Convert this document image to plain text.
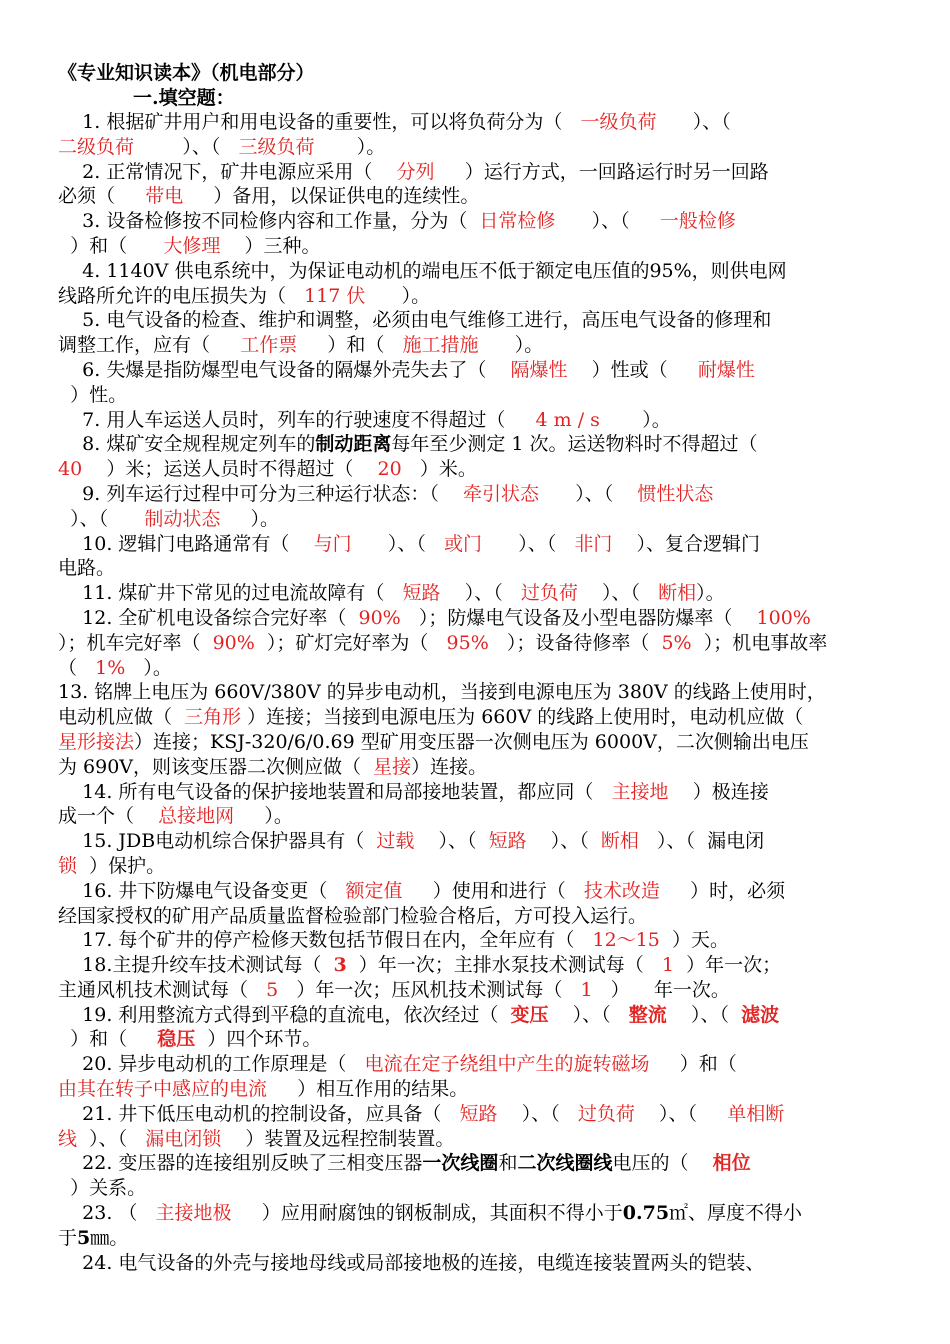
《专业知识读本》（机电部分）
一.填空题：
1. 根据矿井用户和用电设备的重要性，可以将负荷分为（   一级负荷      ）、（
二级负荷        ）、（   三级负荷       ）。
2. 正常情况下，矿井电源应采用（    分列     ）运行方式，一回路运行时另一回路
必须（     带电     ）备用，以保证供电的连续性。
3. 设备检修按不同检修内容和工作量，分为（  日常检修      ）、（     一般检修
）和（      大修理    ）三种。
4. 1140V 供电系统中，为保证电动机的端电压不低于额定电压值的95%，则供电网
线路所允许的电压损失为（   117 伏      ）。
5. 电气设备的检查、维护和调整，必须由电气维修工进行，高压电气设备的修理和
调整工作，应有（     工作票     ）和（   施工措施      ）。
6. 失爆是指防爆型电气设备的隔爆外壳失去了（    隔爆性    ）性或（     耐爆性
）性。
7. 用人车运送人员时，列车的行驶速度不得超过（     4 m / s       ）。
8. 煤矿安全规程规定列车的制动距离每年至少测定 1 次。运送物料时不得超过（
40    ）米；运送人员时不得超过（    20   ）米。
9. 列车运行过程中可分为三种运行状态：（    牵引状态      ）、（    惯性状态
）、（      制动状态     ）。
10. 逻辑门电路通常有（    与门      ）、（   或门      ）、（   非门    ）、复合逻辑门
电路。
11. 煤矿井下常见的过电流故障有（   短路    ）、（   过负荷    ）、（   断相）。
12. 全矿机电设备综合完好率（  90%   ）；防爆电气设备及小型电器防爆率（    100%
）；机车完好率（  90%  ）；矿灯完好率为（   95%   ）；设备待修率（  5%  ）；机电事故率
（   1%   ）。
13. 铭牌上电压为 660V/380V 的异步电动机，当接到电源电压为 380V 的线路上使用时，
电动机应做（  三角形 ）连接；当接到电源电压为 660V 的线路上使用时，电动机应做（
星形接法）连接；KSJ-320/6/0.69 型矿用变压器一次侧电压为 6000V，二次侧输出电压
为 690V，则该变压器二次侧应做（  星接）连接。
14. 所有电气设备的保护接地装置和局部接地装置，都应同（   主接地    ）极连接
成一个（    总接地网     ）。
15. JDB电动机综合保护器具有（  过载    ）、（  短路    ）、（  断相   ）、（  漏电闭
锁  ）保护。
16. 井下防爆电气设备变更（   额定值     ）使用和进行（   技术改造     ）时，必须
经国家授权的矿用产品质量监督检验部门检验合格后，方可投入运行。
17. 每个矿井的停产检修天数包括节假日在内，全年应有（   12～15  ）天。
18.主提升绞车技术测试每（  3  ）年一次；主排水泵技术测试每（   1  ）年一次；
主通风机技术测试每（   5   ）年一次；压风机技术测试每（   1   ）    年一次。
19. 利用整流方式得到平稳的直流电，依次经过（  变压    ）、（   整流    ）、（  滤波
）和（     稳压  ）四个环节。
20. 异步电动机的工作原理是（   电流在定子绕组中产生的旋转磁场     ）和（
由其在转子中感应的电流     ）相互作用的结果。
21. 井下低压电动机的控制设备，应具备（   短路    ）、（   过负荷    ）、（     单相断
线  ）、（   漏电闭锁    ）装置及远程控制装置。
22. 变压器的连接组别反映了三相变压器一次线圈和二次线圈线电压的（    相位
）关系。
23. （   主接地极     ）应用耐腐蚀的钢板制成，其面积不得小于0.75㎡、厚度不得小
于5㎜。
24. 电气设备的外壳与接地母线或局部接地极的连接，电缆连接装置两头的铠装、
